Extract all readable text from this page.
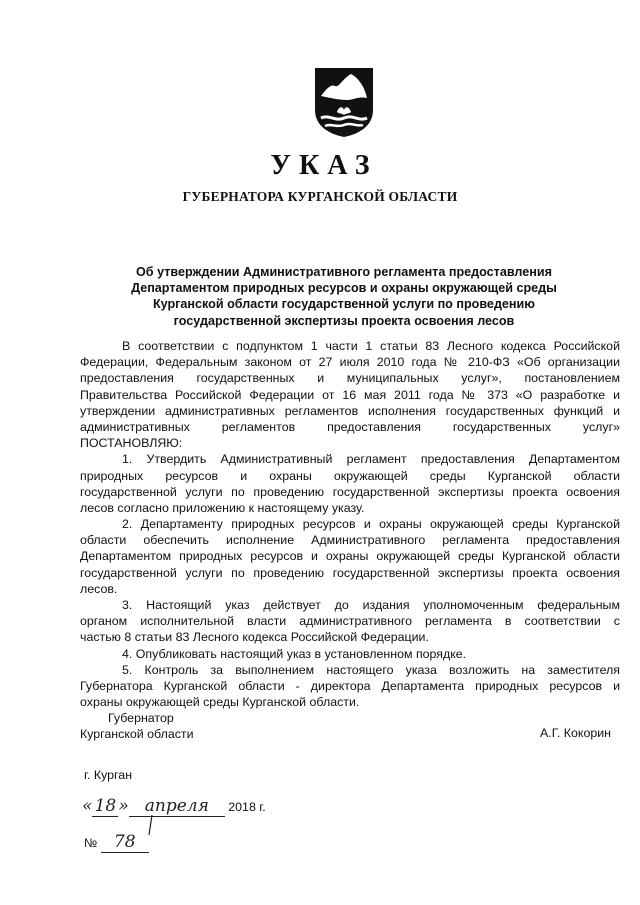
УКАЗ
ГУБЕРНАТОРА КУРГАНСКОЙ ОБЛАСТИ
Об утверждении Административного регламента предоставления
Департаментом природных ресурсов и охраны окружающей среды
Курганской области государственной услуги по проведению
государственной экспертизы проекта освоения лесов
В соответствии с подпунктом 1 части 1 статьи 83 Лесного кодекса Российской
Федерации, Федеральным законом от 27 июля 2010 года № 210-ФЗ «Об организации
предоставления государственных и муниципальных услуг», постановлением
Правительства Российской Федерации от 16 мая 2011 года № 373 «О разработке и
утверждении административных регламентов исполнения государственных функций и
административных регламентов предоставления государственных услуг»
ПОСТАНОВЛЯЮ:
1. Утвердить Административный регламент предоставления Департаментом
природных ресурсов и охраны окружающей среды Курганской области
государственной услуги по проведению государственной экспертизы проекта освоения
лесов согласно приложению к настоящему указу.
2. Департаменту природных ресурсов и охраны окружающей среды Курганской
области обеспечить исполнение Административного регламента предоставления
Департаментом природных ресурсов и охраны окружающей среды Курганской области
государственной услуги по проведению государственной экспертизы проекта освоения
лесов.
3. Настоящий указ действует до издания уполномоченным федеральным
органом исполнительной власти административного регламента в соответствии с
частью 8 статьи 83 Лесного кодекса Российской Федерации.
4. Опубликовать настоящий указ в установленном порядке.
5. Контроль за выполнением настоящего указа возложить на заместителя
Губернатора Курганской области - директора Департамента природных ресурсов и
охраны окружающей среды Курганской области.
Губернатор
Курганской области	А.Г. Кокорин
г. Курган
« 18 » апреля 2018 г.
№ 78
